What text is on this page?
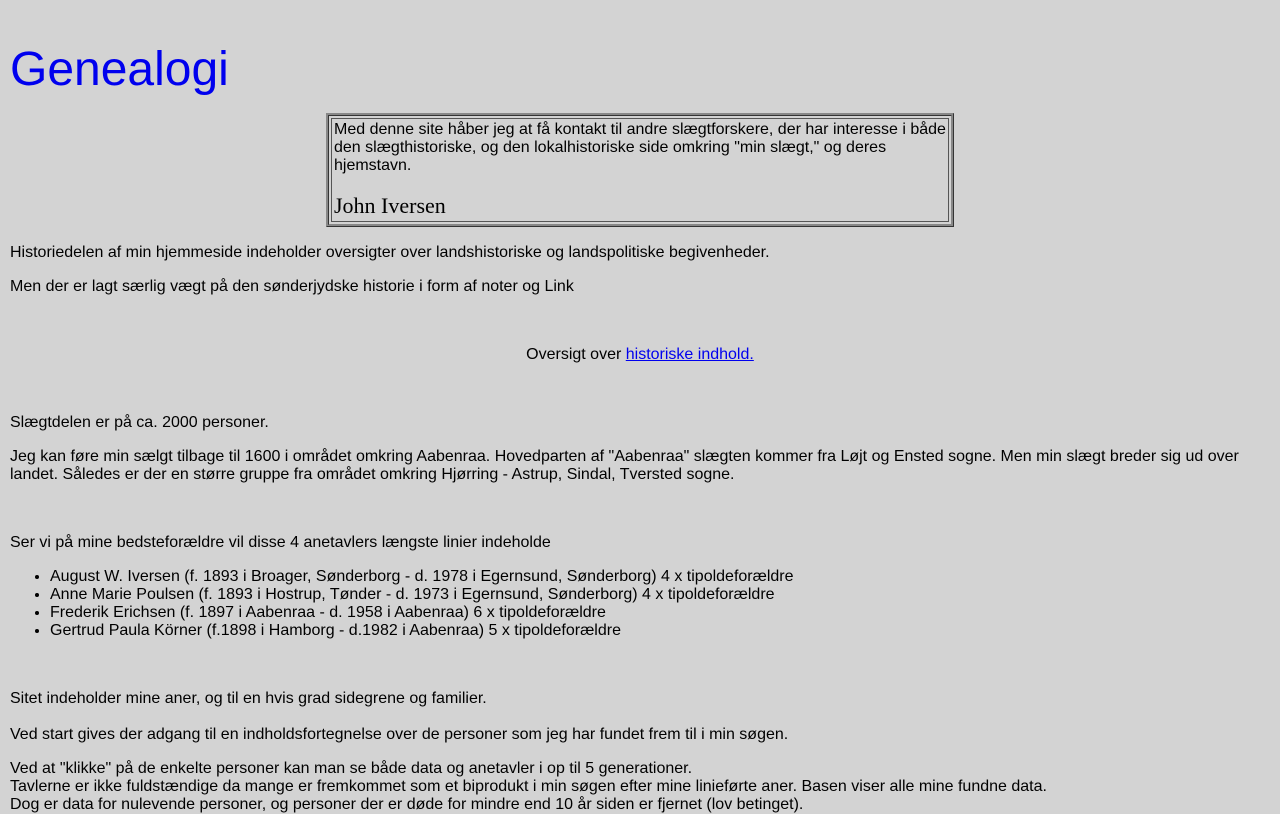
Genealogi

Med denne site håber jeg at få kontakt til andre slægtforskere, der har interesse i både den slægthistoriske, og den lokalhistoriske side omkring "min slægt," og deres hjemstavn.

John Iversen

Historiedelen af min hjemmeside indeholder oversigter over landshistoriske og landspolitiske begivenheder.

Men der er lagt særlig vægt på den sønderjydske historie i form af noter og Link

Oversigt over historiske indhold.

Slægtdelen er på ca. 2000 personer.

Jeg kan føre min sælgt tilbage til 1600 i området omkring Aabenraa. Hovedparten af "Aabenraa" slægten kommer fra Løjt og Ensted sogne. Men min slægt breder sig ud over landet. Således er der en større gruppe fra området omkring Hjørring - Astrup, Sindal, Tversted sogne.

Ser vi på mine bedsteforældre vil disse 4 anetavlers længste linier indeholde

• August W. Iversen (f. 1893 i Broager, Sønderborg - d. 1978 i Egernsund, Sønderborg) 4 x tipoldeforældre
• Anne Marie Poulsen (f. 1893 i Hostrup, Tønder - d. 1973 i Egernsund, Sønderborg) 4 x tipoldeforældre
• Frederik Erichsen (f. 1897 i Aabenraa - d. 1958 i Aabenraa) 6 x tipoldeforældre
• Gertrud Paula Körner (f.1898 i Hamborg - d.1982 i Aabenraa) 5 x tipoldeforældre

Sitet indeholder mine aner, og til en hvis grad sidegrene og familier.

Ved start gives der adgang til en indholdsfortegnelse over de personer som jeg har fundet frem til i min søgen.

Ved at "klikke" på de enkelte personer kan man se både data og anetavler i op til 5 generationer.

Tavlerne er ikke fuldstændige da mange er fremkommet som et biprodukt i min søgen efter mine linieførte aner. Basen viser alle mine fundne data.

Dog er data for nulevende personer, og personer der er døde for mindre end 10 år siden er fjernet (lov betinget).
